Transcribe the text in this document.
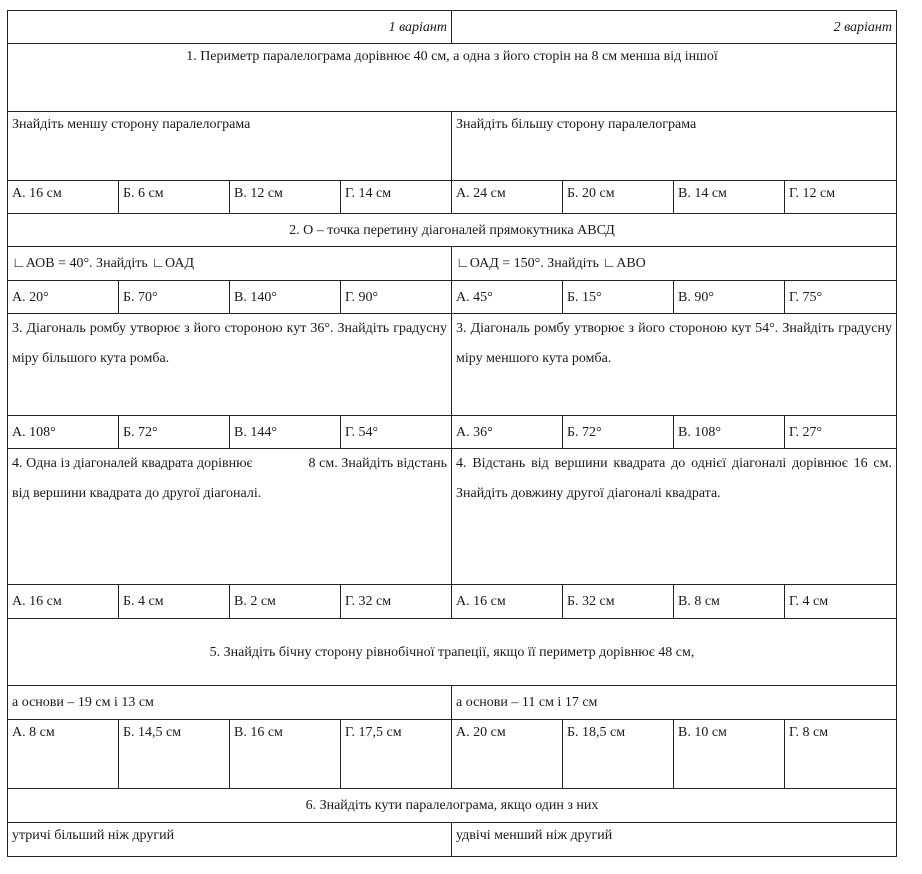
1 варіант				2 варіант			
1. Периметр паралелограма дорівнює 40 см, а одна з його сторін на 8 см менша від іншої							
Знайдіть меншу сторону паралелограма				Знайдіть більшу сторону паралелограма			
А. 16 см	Б. 6 см	В. 12 см	Г. 14 см	А. 24 см	Б. 20 см	В. 14 см	Г. 12 см
2. О – точка перетину діагоналей прямокутника АВСД							
∟АОВ = 40°. Знайдіть ∟ОАД				∟ОАД = 150°. Знайдіть ∟АВО			
А. 20°	Б. 70°	В. 140°	Г. 90°	А. 45°	Б. 15°	В. 90°	Г. 75°
3. Діагональ ромбу утворює з його стороною кут 36°. Знайдіть градусну міру більшого кута ромба.				3. Діагональ ромбу утворює з його стороною кут 54°. Знайдіть градусну міру меншого кута ромба.			
А. 108°	Б. 72°	В. 144°	Г. 54°	А. 36°	Б. 72°	В. 108°	Г. 27°
4. Одна із діагоналей квадрата дорівнює 8 см. Знайдіть відстань від вершини квадрата до другої діагоналі.				4. Відстань від вершини квадрата до однієї діагоналі дорівнює 16 см. Знайдіть довжину другої діагоналі квадрата.			
А. 16 см	Б. 4 см	В. 2 см	Г. 32 см	А. 16 см	Б. 32 см	В. 8 см	Г. 4 см
5. Знайдіть бічну сторону рівнобічної трапеції, якщо її периметр дорівнює 48 см,							
а основи – 19 см і 13 см				а основи – 11 см і 17 см			
А. 8 см	Б. 14,5 см	В. 16 см	Г. 17,5 см	А. 20 см	Б. 18,5 см	В. 10 см	Г. 8 см
6. Знайдіть кути паралелограма, якщо один з них							
утричі більший ніж другий				удвічі менший ніж другий			
